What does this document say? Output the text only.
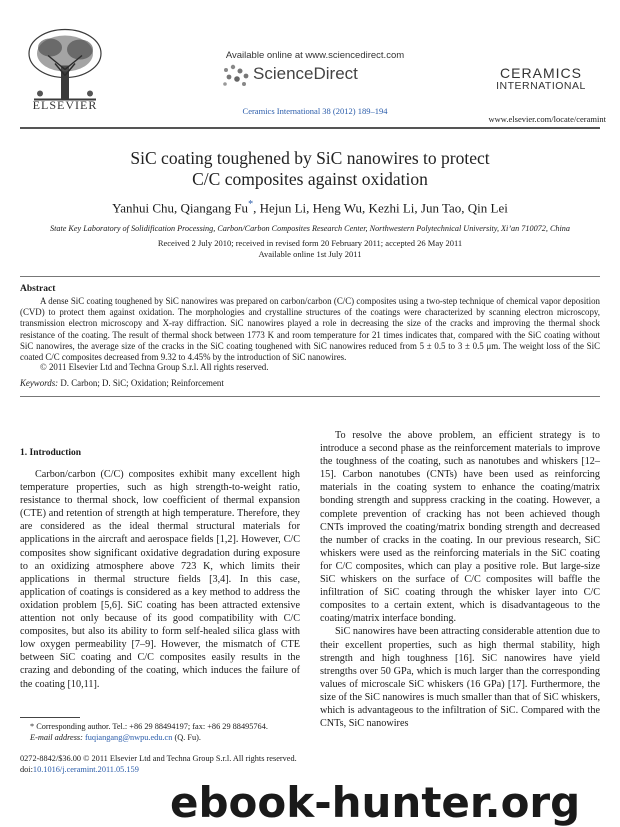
ELSEVIER
Available online at www.sciencedirect.com
ScienceDirect
Ceramics International 38 (2012) 189–194
CERAMICS
INTERNATIONAL
www.elsevier.com/locate/ceramint
SiC coating toughened by SiC nanowires to protect
C/C composites against oxidation
Yanhui Chu, Qiangang Fu*, Hejun Li, Heng Wu, Kezhi Li, Jun Tao, Qin Lei
State Key Laboratory of Solidification Processing, Carbon/Carbon Composites Research Center, Northwestern Polytechnical University, Xi’an 710072, China
Received 2 July 2010; received in revised form 20 February 2011; accepted 26 May 2011
Available online 1st July 2011
Abstract
A dense SiC coating toughened by SiC nanowires was prepared on carbon/carbon (C/C) composites using a two-step technique of chemical vapor deposition (CVD) to protect them against oxidation. The morphologies and crystalline structures of the coatings were characterized by scanning electron microscopy, transmission electron microscopy and X-ray diffraction. SiC nanowires played a role in decreasing the size of the cracks and improving the thermal shock resistance of the coating. The result of thermal shock between 1773 K and room temperature for 21 times indicates that, compared with the SiC coating without SiC nanowires, the average size of the cracks in the SiC coating toughened with SiC nanowires reduced from 5 ± 0.5 to 3 ± 0.5 μm. The weight loss of the SiC coated C/C composites decreased from 9.32 to 4.45% by the introduction of SiC nanowires.
© 2011 Elsevier Ltd and Techna Group S.r.l. All rights reserved.
Keywords: D. Carbon; D. SiC; Oxidation; Reinforcement
1. Introduction

Carbon/carbon (C/C) composites exhibit many excellent high temperature properties, such as high strength-to-weight ratio, resistance to thermal shock, low coefficient of thermal expansion (CTE) and retention of strength at high temperature. Therefore, they are considered as the ideal thermal structural materials for applications in the aircraft and aerospace fields [1,2]. However, C/C composites show significant oxidative degradation during exposure to an oxidizing atmosphere above 723 K, which limits their applications in thermal structure fields [3,4]. In this case, application of coatings is considered as a key method to address the oxidation problem [5,6]. SiC coating has been attracted extensive attention not only because of its good compatibility with C/C composites, but also its ability to form self-healed silica glass with low oxygen permeability [7–9]. However, the mismatch of CTE between SiC coating and C/C composites easily results in the crazing and debonding of the coating, which induces the failure of the coating [10,11].

To resolve the above problem, an efficient strategy is to introduce a second phase as the reinforcement materials to improve the toughness of the coating, such as nanotubes and whiskers [12–15]. Carbon nanotubes (CNTs) have been used as reinforcing materials in the coating system to enhance the coating/matrix bonding strength and suppress cracking in the coating. However, a complete prevention of cracking has not been achieved though CNTs improved the coating/matrix bonding strength and decreased the number of cracks in the coating. In our previous research, SiC whiskers were used as the reinforcing materials in the SiC coating for C/C composites, which can play a positive role. But large-size SiC whiskers on the surface of C/C composites will baffle the infiltration of SiC coating through the whisker layer into C/C composites to a certain extent, which is disadvantageous to the coating/matrix interface bonding.

SiC nanowires have been attracting considerable attention due to their excellent properties, such as high thermal stability, high strength and high toughness [16]. SiC nanowires have yield strengths over 50 GPa, which is much larger than the corresponding values of microscale SiC whiskers (16 GPa) [17]. Furthermore, the size of the SiC nanowires is much smaller than that of SiC whiskers, which is advantageous to the infiltration of SiC. Compared with the CNTs, SiC nanowires

* Corresponding author. Tel.: +86 29 88494197; fax: +86 29 88495764.
E-mail address: fuqiangang@nwpu.edu.cn (Q. Fu).
0272-8842/$36.00 © 2011 Elsevier Ltd and Techna Group S.r.l. All rights reserved.
doi:10.1016/j.ceramint.2011.05.159
ebook-hunter.org
